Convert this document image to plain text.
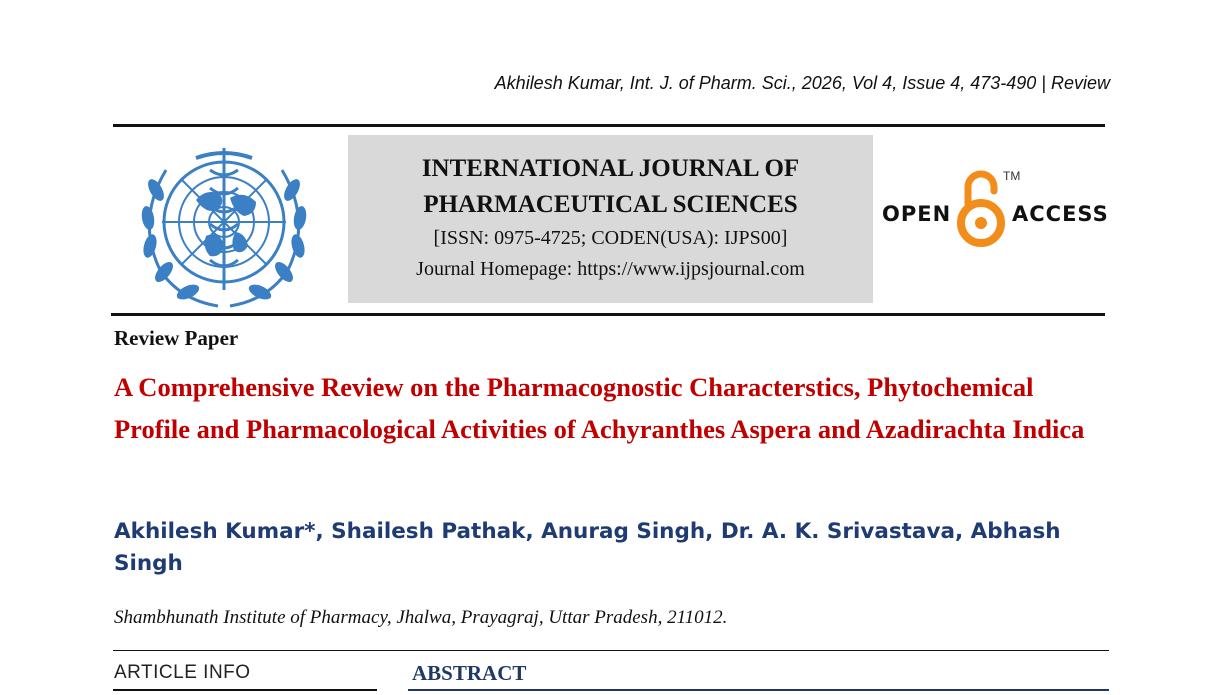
Akhilesh Kumar, Int. J. of Pharm. Sci., 2026, Vol 4, Issue 4, 473-490 | Review
INTERNATIONAL JOURNAL OF
PHARMACEUTICAL SCIENCES
[ISSN: 0975-4725; CODEN(USA): IJPS00]
Journal Homepage: https://www.ijpsjournal.com
OPEN
TM
ACCESS
Review Paper
A Comprehensive Review on the Pharmacognostic Characterstics, Phytochemical Profile and Pharmacological Activities of Achyranthes Aspera and Azadirachta Indica
Akhilesh Kumar*, Shailesh Pathak, Anurag Singh, Dr. A. K. Srivastava, Abhash Singh
Shambhunath Institute of Pharmacy, Jhalwa, Prayagraj, Uttar Pradesh, 211012.
ARTICLE INFO	ABSTRACT
